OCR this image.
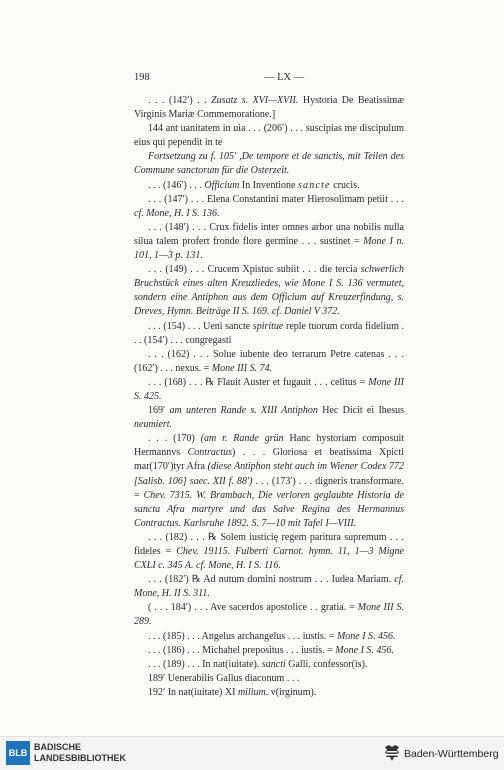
198	— LX —

. . . (142′) . . Zusatz s. XVI—XVII. Hystoria De Beatissimæ Virginis Mariæ Commemoratione.]

144 ant uanitatem in uia . . . (206′) . . . suscipias me discipulum eius qui pependit in te

Fortsetzung zu f. 105′ ,De tempore et de sanctis, mit Teilen des Commune sanctorum für die Osterzeit.

. . . (146′) . . . Officium In Inventione sancte crucis.

. . . (147′) . . . Elena Constantini mater Hierosolimam petiit . . . cf. Mone, H. I S. 136.

. . . (148′) . . . Crux fidelis inter omnes arbor una nobilis nulla silua talem profert fronde flore germine . . . sustinet = Mone I n. 101, 1—3 p. 131.

. . . (149) . . . Crucem Xpistuc subiit . . . die tercia schwerlich Bruchstück eines alten Kreuzliedes, wie Mone I S. 136 vermutet, sondern eine Antiphon aus dem Officium auf Kreuzerfindung, s. Dreves, Hymn. Beiträge II S. 169. cf. Daniel V 372.

. . . (154) . . . Ueni sancte spiritue reple tuorum corda fidelium . . . (154′) . . . congregasti

. . . (162) . . . Solue iubente deo terrarum Petre catenas . . . (162′) . . . nexus. = Mone III S. 74.

. . . (168) . . . ℞ Flauit Auster et fugauit . . . celitus = Mone III S. 425.

169′ am unteren Rande s. XIII Antiphon Hec Dicit ei Ihesus neumiert.

. . . (170) (am r. Rande grün Hanc hystoriam composuit Hermannvs Contractus) . . . Gloriosa et beatissima Xpicti mar(170′)tyr Afra (diese Antiphon steht auch im Wiener Codex 772 [Salisb. 106] saec. XII f. 88′) . . . (173′) . . . digneris transformare. = Chev. 7315. W. Brambach, Die verloren geglaubte Historia de sancta Afra martyre und das Salve Regina des Hermannus Contractus. Karlsruhe 1892. S. 7—10 mit Tafel I—VIII.

. . . (182) . . . ℞ Solem iusticię regem paritura supremum . . . fideles = Chev. 19115. Fulberti Carnot. hymn. 11, 1—3 Migne CXLI c. 345 A. cf. Mone, H. I S. 116.

. . . (182′) ℞ Ad nutum domini nostrum . . . Iudea Mariam. cf. Mone, H. II S. 311.

( . . . 184′) . . . Ave sacerdos apostolice . . gratia. = Mone III S. 289.

. . . (185) . . . Angelus archangelus . . . iustis. = Mone I S. 456.

. . . (186) . . . Michahel prepositus . . . iustis. = Mone I S. 456.

. . . (189) . . . In nat(iuitate). sancti Galli. confessor(is).

189′ Uenerabilis Gallus diaconum . . .

192′ In nat(iuitate) XI milium. v(irginum).

BLB
BADISCHE
LANDESBIBLIOTHEK	Baden-Württemberg
